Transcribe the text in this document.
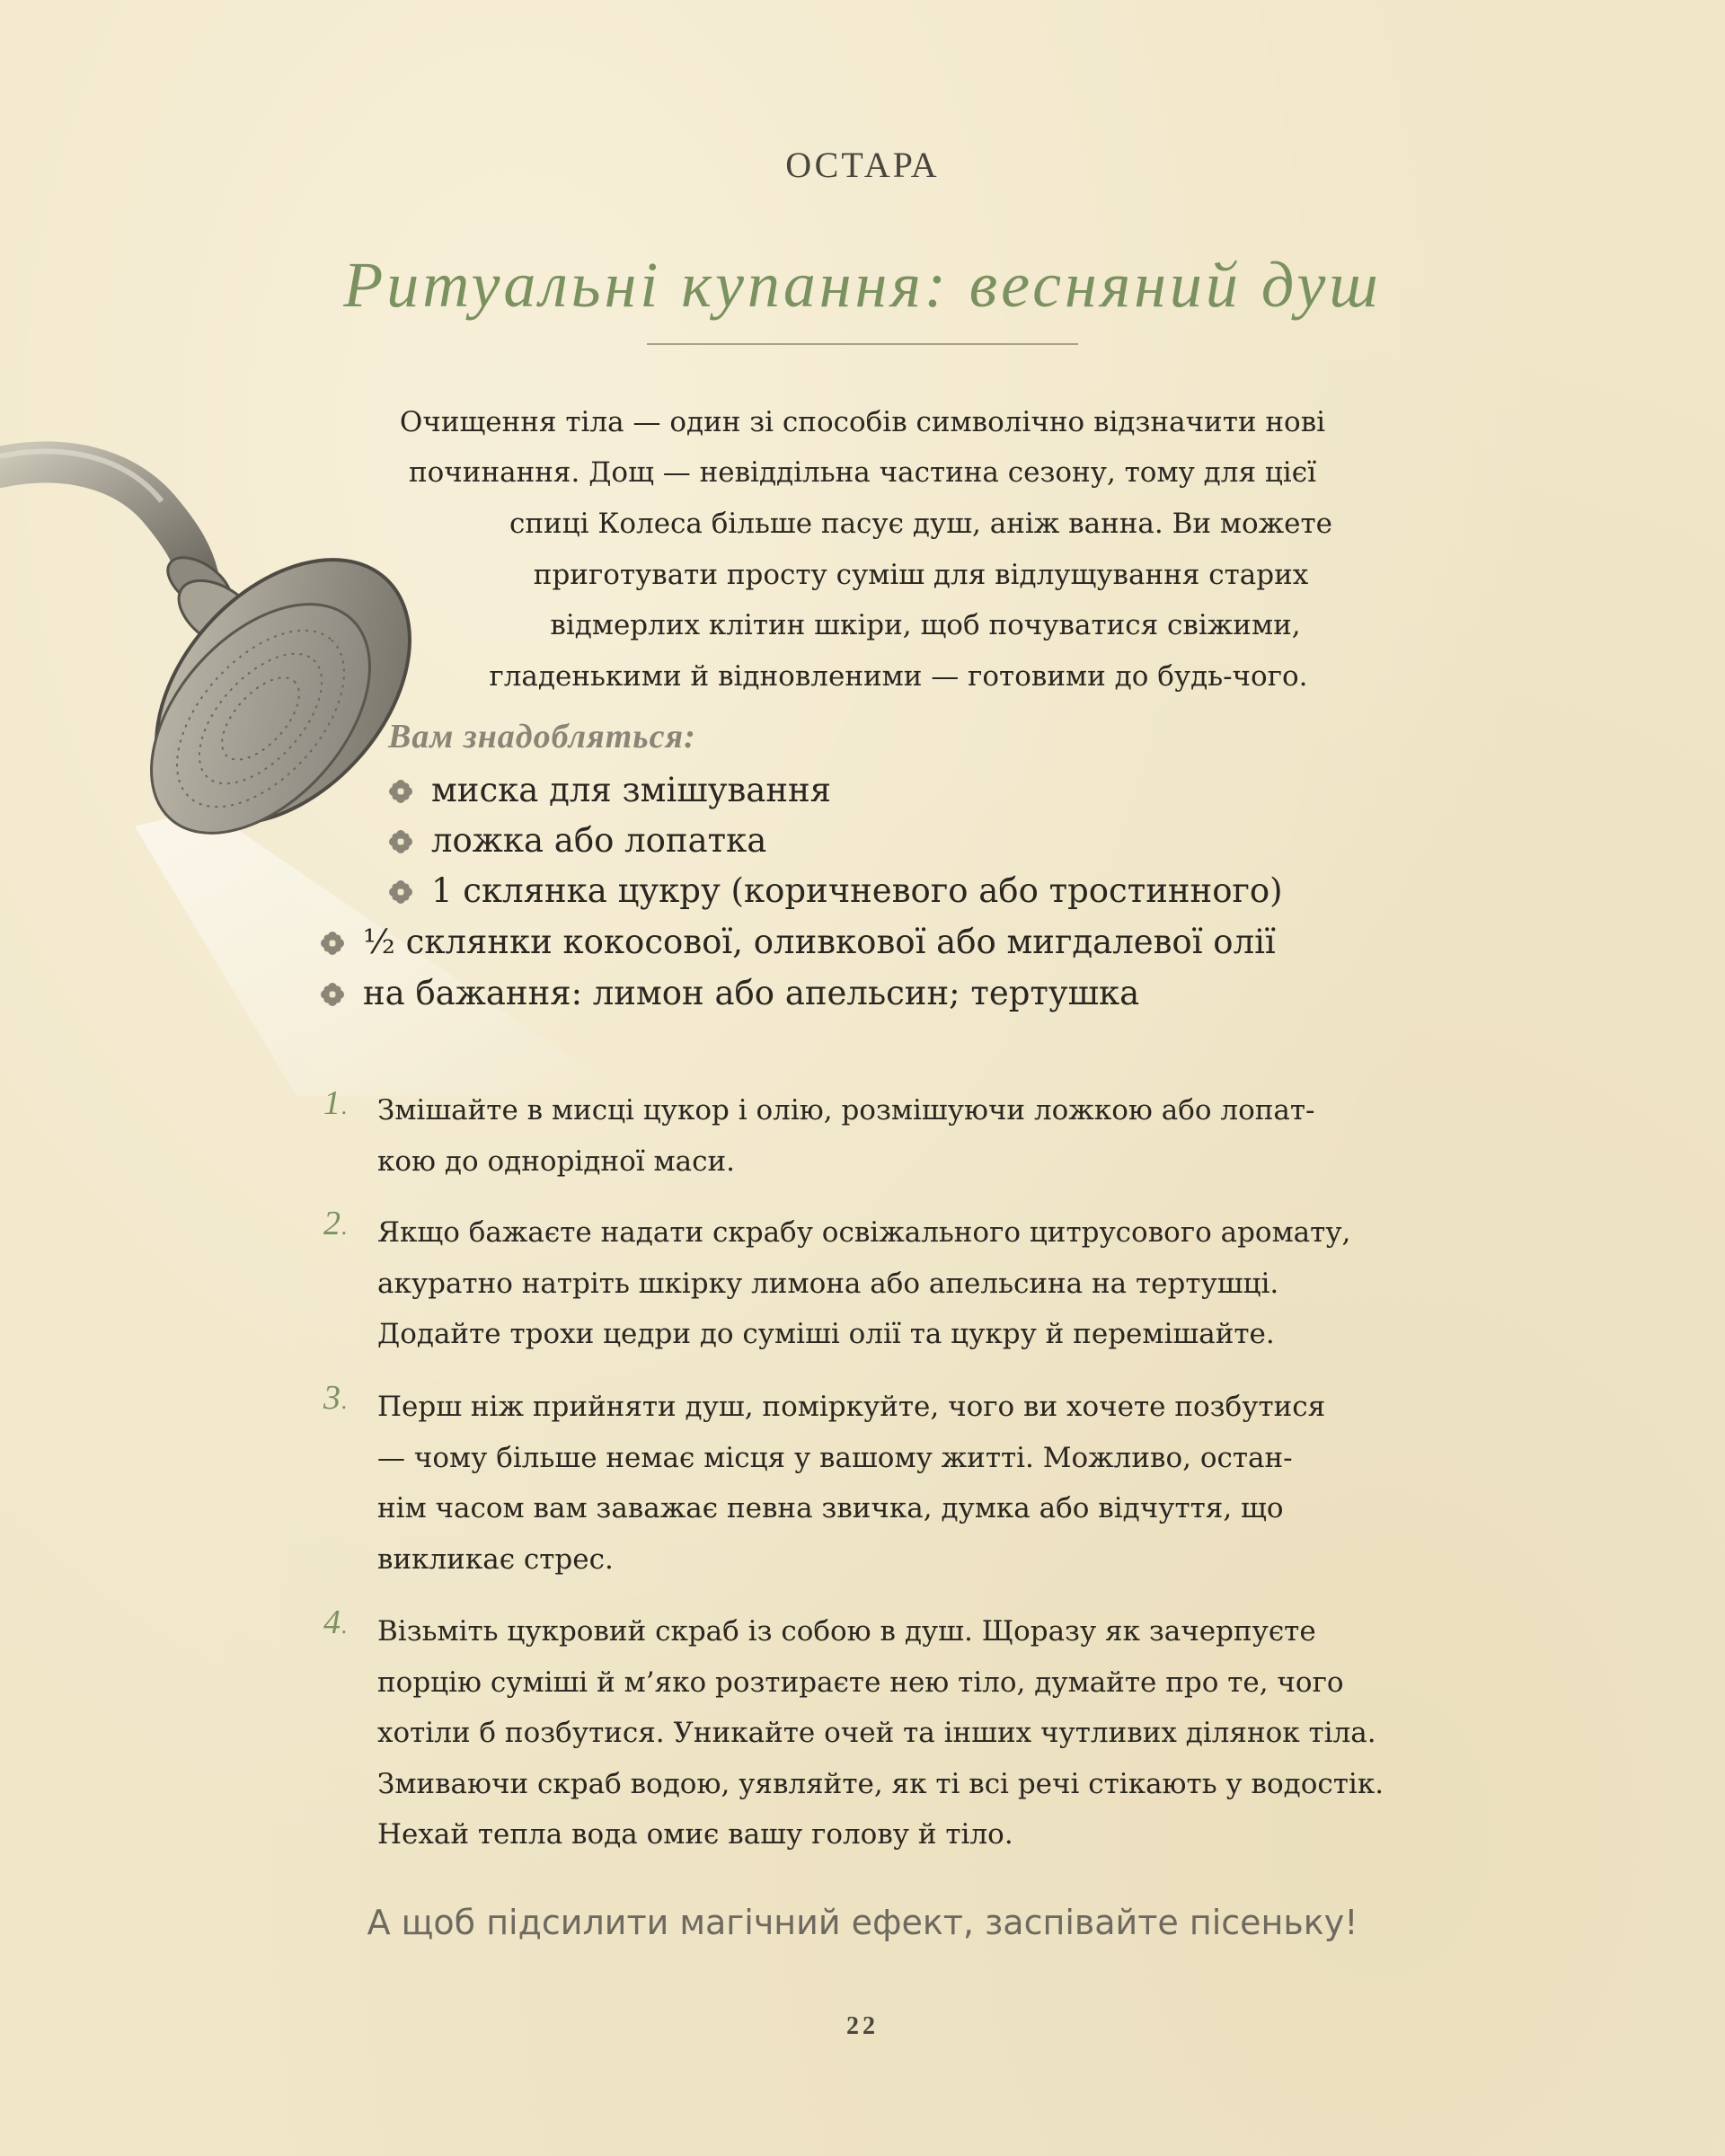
ОСТАРА
Ритуальні купання: весняний душ
Очищення тіла — один зі способів символічно відзначити нові
починання. Дощ — невіддільна частина сезону, тому для цієї
спиці Колеса більше пасує душ, аніж ванна. Ви можете
приготувати просту суміш для відлущування старих
відмерлих клітин шкіри, щоб почуватися свіжими,
гладенькими й відновленими — готовими до будь-чого.
Вам знадобляться:
миска для змішування
ложка або лопатка
1 склянка цукру (коричневого або тростинного)
½ склянки кокосової, оливкової або мигдалевої олії
на бажання: лимон або апельсин; тертушка
1. Змішайте в мисці цукор і олію, розмішуючи ложкою або лопат-
кою до однорідної маси.
2. Якщо бажаєте надати скрабу освіжального цитрусового аромату,
акуратно натріть шкірку лимона або апельсина на тертушці.
Додайте трохи цедри до суміші олії та цукру й перемішайте.
3. Перш ніж прийняти душ, поміркуйте, чого ви хочете позбутися
— чому більше немає місця у вашому житті. Можливо, остан-
нім часом вам заважає певна звичка, думка або відчуття, що
викликає стрес.
4. Візьміть цукровий скраб із собою в душ. Щоразу як зачерпуєте
порцію суміші й м’яко розтираєте нею тіло, думайте про те, чого
хотіли б позбутися. Уникайте очей та інших чутливих ділянок тіла.
Змиваючи скраб водою, уявляйте, як ті всі речі стікають у водостік.
Нехай тепла вода омиє вашу голову й тіло.
А щоб підсилити магічний ефект, заспівайте пісеньку!
22
